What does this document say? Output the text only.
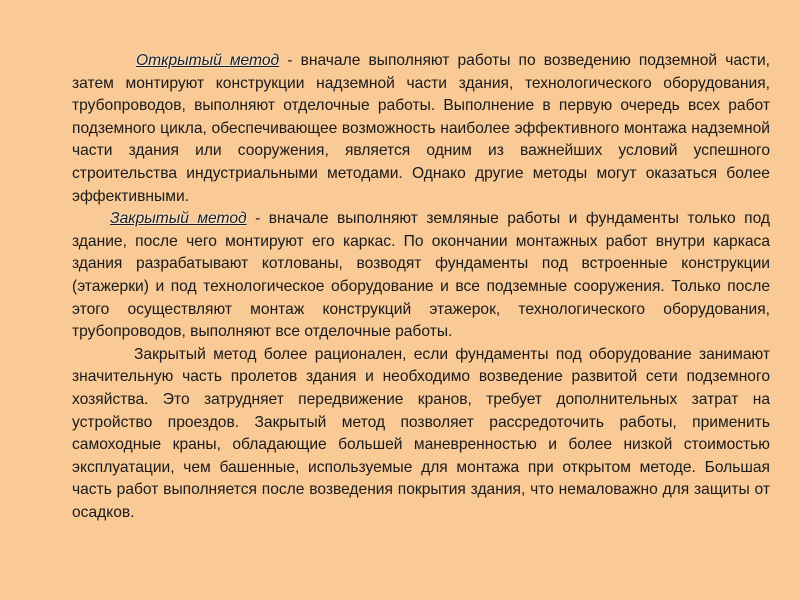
Открытый метод - вначале выполняют работы по возведению подземной части, затем монтируют конструкции надземной части здания, технологического оборудования, трубопроводов, выполняют отделочные работы. Выполнение в первую очередь всех работ подземного цикла, обеспечивающее возможность наиболее эффективного монтажа надземной части здания или сооружения, является одним из важнейших условий успешного строительства индустриальными методами. Однако другие методы могут оказаться более эффективными.

Закрытый метод - вначале выполняют земляные работы и фундаменты только под здание, после чего монтируют его каркас. По окончании монтажных работ внутри каркаса здания разрабатывают котлованы, возводят фундаменты под встроенные конструкции (этажерки) и под технологическое оборудование и все подземные сооружения. Только после этого осуществляют монтаж конструкций этажерок, технологического оборудования, трубопроводов, выполняют все отделочные работы.

Закрытый метод более рационален, если фундаменты под оборудование занимают значительную часть пролетов здания и необходимо возведение развитой сети подземного хозяйства. Это затрудняет передвижение кранов, требует дополнительных затрат на устройство проездов. Закрытый метод позволяет рассредоточить работы, применить самоходные краны, обладающие большей маневренностью и более низкой стоимостью эксплуатации, чем башенные, используемые для монтажа при открытом методе. Большая часть работ выполняется после возведения покрытия здания, что немаловажно для защиты от осадков.
